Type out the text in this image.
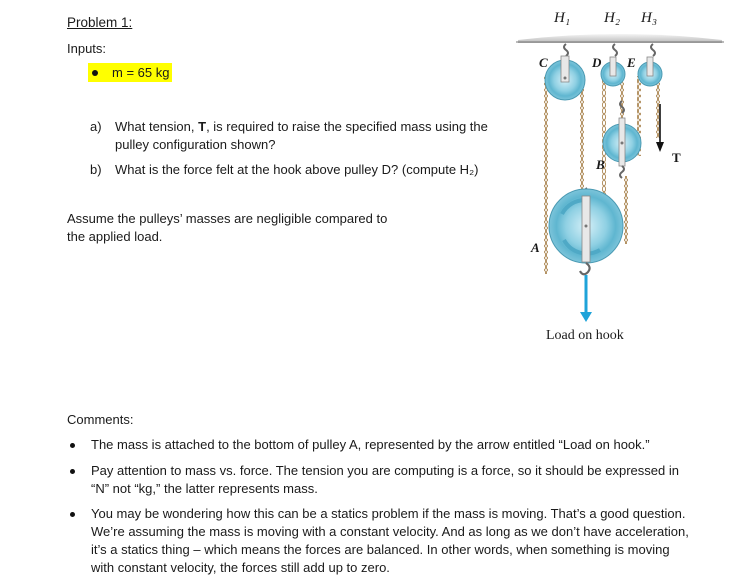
Problem 1:
Inputs:
m = 65 kg
a) What tension, T, is required to raise the specified mass using the pulley configuration shown?
b) What is the force felt at the hook above pulley D? (compute H₂)
Assume the pulleys’ masses are negligible compared to the applied load.
H₁ H₂ H₃
C	D E
B
A
T
Load on hook
Comments:
The mass is attached to the bottom of pulley A, represented by the arrow entitled “Load on hook.”
Pay attention to mass vs. force. The tension you are computing is a force, so it should be expressed in
“N” not “kg,” the latter represents mass.
You may be wondering how this can be a statics problem if the mass is moving. That’s a good question.
We’re assuming the mass is moving with a constant velocity. And as long as we don’t have acceleration,
it’s a statics thing – which means the forces are balanced. In other words, when something is moving
with constant velocity, the forces still add up to zero.
